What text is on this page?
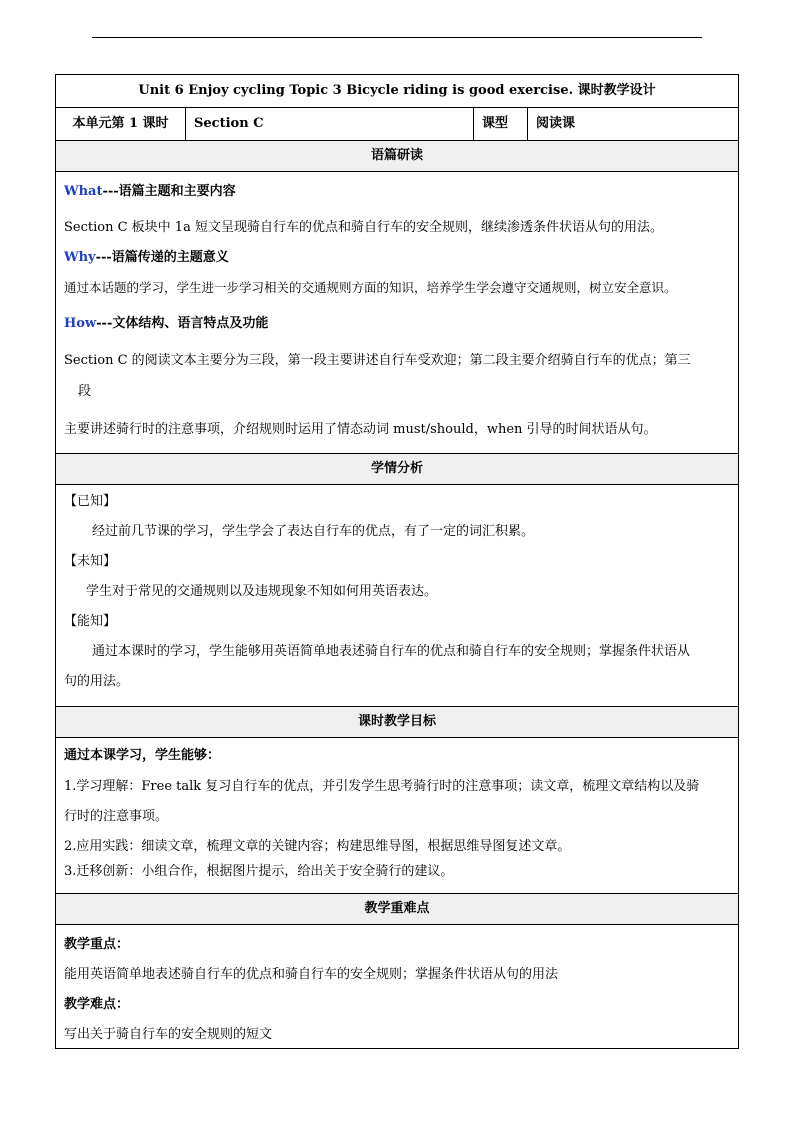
Unit 6 Enjoy cycling Topic 3 Bicycle riding is good exercise. 课时教学设计
本单元第 1 课时	Section C	课型	阅读课
语篇研读

What---语篇主题和主要内容
Section C 板块中 1a 短文呈现骑自行车的优点和骑自行车的安全规则，继续渗透条件状语从句的用法。
Why---语篇传递的主题意义
通过本话题的学习，学生进一步学习相关的交通规则方面的知识，培养学生学会遵守交通规则，树立安全意识。
How---文体结构、语言特点及功能
Section C 的阅读文本主要分为三段，第一段主要讲述自行车受欢迎；第二段主要介绍骑自行车的优点；第三
段
主要讲述骑行时的注意事项，介绍规则时运用了情态动词 must/should，when 引导的时间状语从句。

学情分析

【已知】
经过前几节课的学习，学生学会了表达自行车的优点，有了一定的词汇积累。
【未知】
学生对于常见的交通规则以及违规现象不知如何用英语表达。
【能知】
通过本课时的学习，学生能够用英语简单地表述骑自行车的优点和骑自行车的安全规则；掌握条件状语从
句的用法。

课时教学目标

通过本课学习，学生能够：
1.学习理解：Free talk 复习自行车的优点，并引发学生思考骑行时的注意事项；读文章，梳理文章结构以及骑
行时的注意事项。
2.应用实践：细读文章，梳理文章的关键内容；构建思维导图，根据思维导图复述文章。
3.迁移创新：小组合作，根据图片提示，给出关于安全骑行的建议。

教学重难点

教学重点：
能用英语简单地表述骑自行车的优点和骑自行车的安全规则；掌握条件状语从句的用法
教学难点：
写出关于骑自行车的安全规则的短文
